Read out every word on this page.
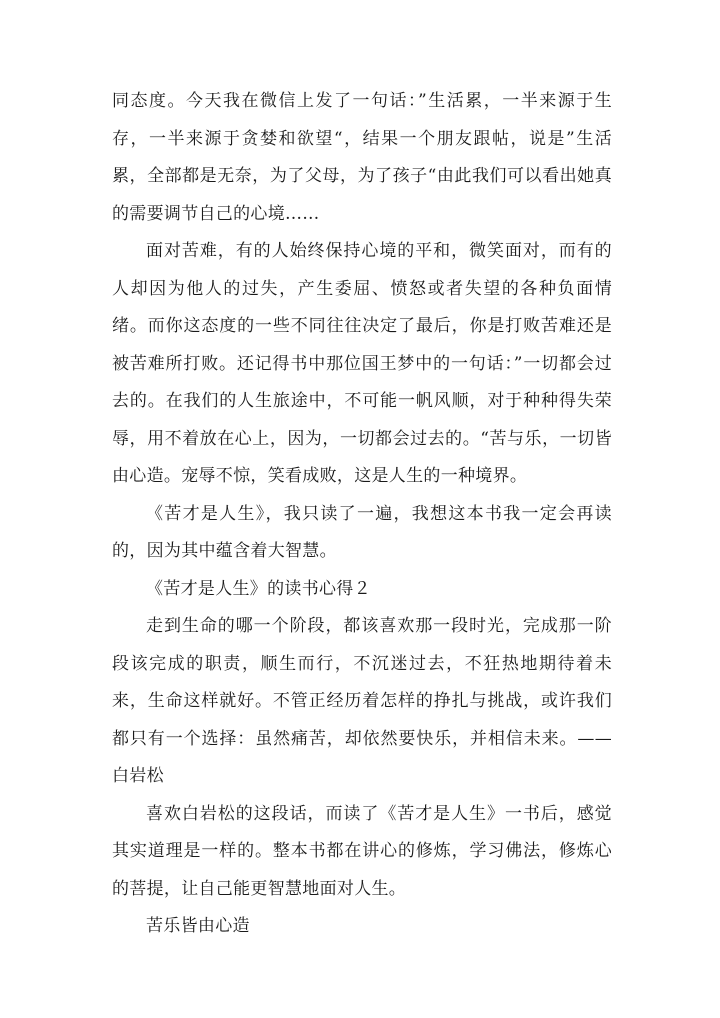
同态度。今天我在微信上发了一句话：”生活累，一半来源于生存，一半来源于贪婪和欲望“，结果一个朋友跟帖，说是”生活累，全部都是无奈，为了父母，为了孩子“由此我们可以看出她真的需要调节自己的心境……

面对苦难，有的人始终保持心境的平和，微笑面对，而有的人却因为他人的过失，产生委屈、愤怒或者失望的各种负面情绪。而你这态度的一些不同往往决定了最后，你是打败苦难还是被苦难所打败。还记得书中那位国王梦中的一句话：”一切都会过去的。在我们的人生旅途中，不可能一帆风顺，对于种种得失荣辱，用不着放在心上，因为，一切都会过去的。“苦与乐，一切皆由心造。宠辱不惊，笑看成败，这是人生的一种境界。

《苦才是人生》，我只读了一遍，我想这本书我一定会再读的，因为其中蕴含着大智慧。

《苦才是人生》的读书心得２

走到生命的哪一个阶段，都该喜欢那一段时光，完成那一阶段该完成的职责，顺生而行，不沉迷过去，不狂热地期待着未来，生命这样就好。不管正经历着怎样的挣扎与挑战，或许我们都只有一个选择：虽然痛苦，却依然要快乐，并相信未来。——白岩松

喜欢白岩松的这段话，而读了《苦才是人生》一书后，感觉其实道理是一样的。整本书都在讲心的修炼，学习佛法，修炼心的菩提，让自己能更智慧地面对人生。

苦乐皆由心造
